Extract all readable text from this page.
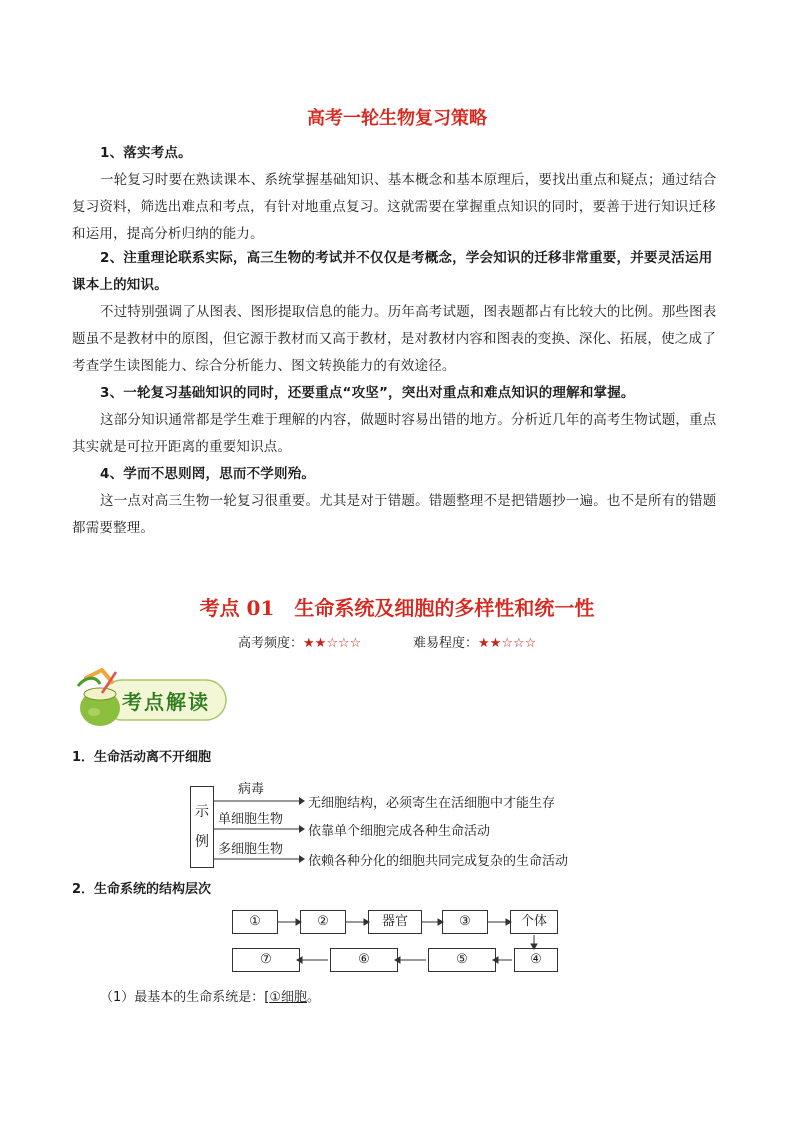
高考一轮生物复习策略
1、落实考点。
一轮复习时要在熟读课本、系统掌握基础知识、基本概念和基本原理后，要找出重点和疑点；通过结合复习资料，筛选出难点和考点，有针对地重点复习。这就需要在掌握重点知识的同时，要善于进行知识迁移和运用，提高分析归纳的能力。
2、注重理论联系实际，高三生物的考试并不仅仅是考概念，学会知识的迁移非常重要，并要灵活运用课本上的知识。
不过特别强调了从图表、图形提取信息的能力。历年高考试题，图表题都占有比较大的比例。那些图表题虽不是教材中的原图，但它源于教材而又高于教材，是对教材内容和图表的变换、深化、拓展，使之成了考查学生读图能力、综合分析能力、图文转换能力的有效途径。
3、一轮复习基础知识的同时，还要重点“攻坚”，突出对重点和难点知识的理解和掌握。
这部分知识通常都是学生难于理解的内容，做题时容易出错的地方。分析近几年的高考生物试题，重点其实就是可拉开距离的重要知识点。
4、学而不思则罔，思而不学则殆。
这一点对高三生物一轮复习很重要。尤其是对于错题。错题整理不是把错题抄一遍。也不是所有的错题都需要整理。
考点 01　生命系统及细胞的多样性和统一性
高考频度：★★☆☆☆	难易程度：★★☆☆☆
考点解读
1．生命活动离不开细胞
示
例
病毒
无细胞结构，必须寄生在活细胞中才能生存
单细胞生物
依靠单个细胞完成各种生命活动
多细胞生物
依赖各种分化的细胞共同完成复杂的生命活动
2．生命系统的结构层次
①	②	器官	③	个体
⑦	⑥	⑤	④
（1）最基本的生命系统是：[①细胞。
